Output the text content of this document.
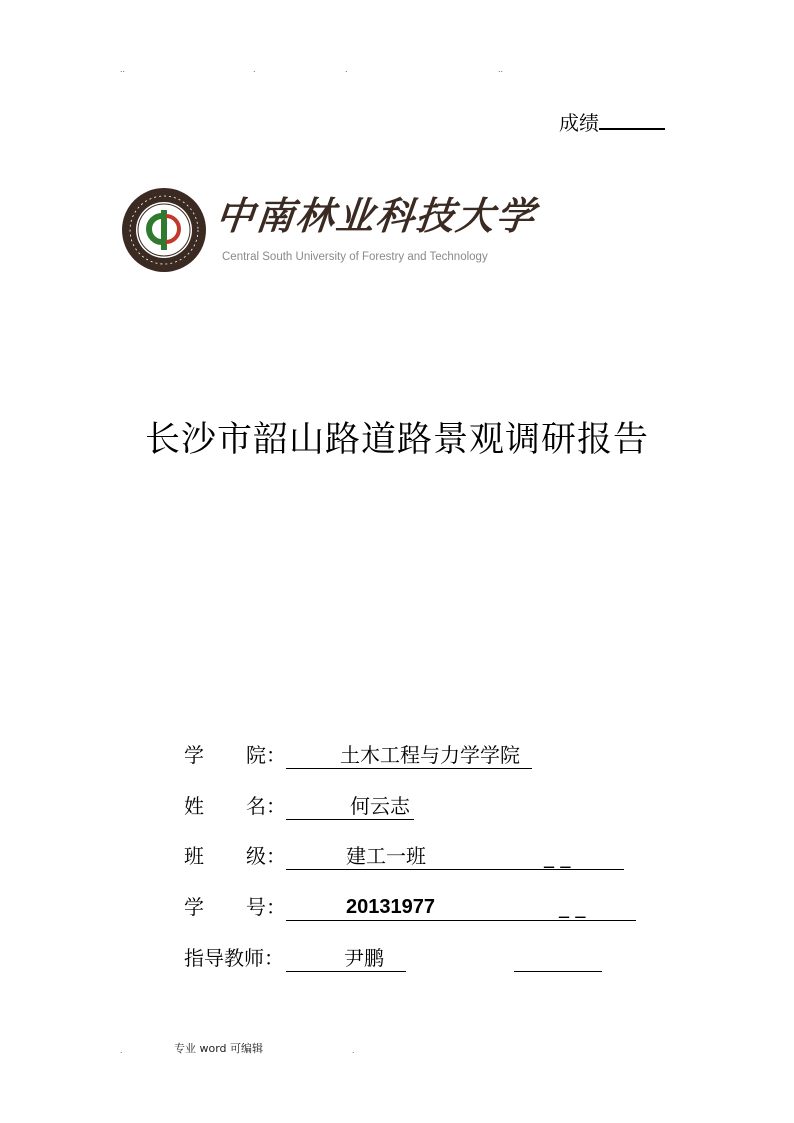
..	.	.	..
成绩
中南林业科技大学
Central South University of Forestry and Technology
长沙市韶山路道路景观调研报告
学 院：	土木工程与力学学院
姓 名：	何云志
班 级：	建工一班	_ _
学 号：	20131977	_ _
指导教师：	尹鹏
.	专业 word 可编辑	.
